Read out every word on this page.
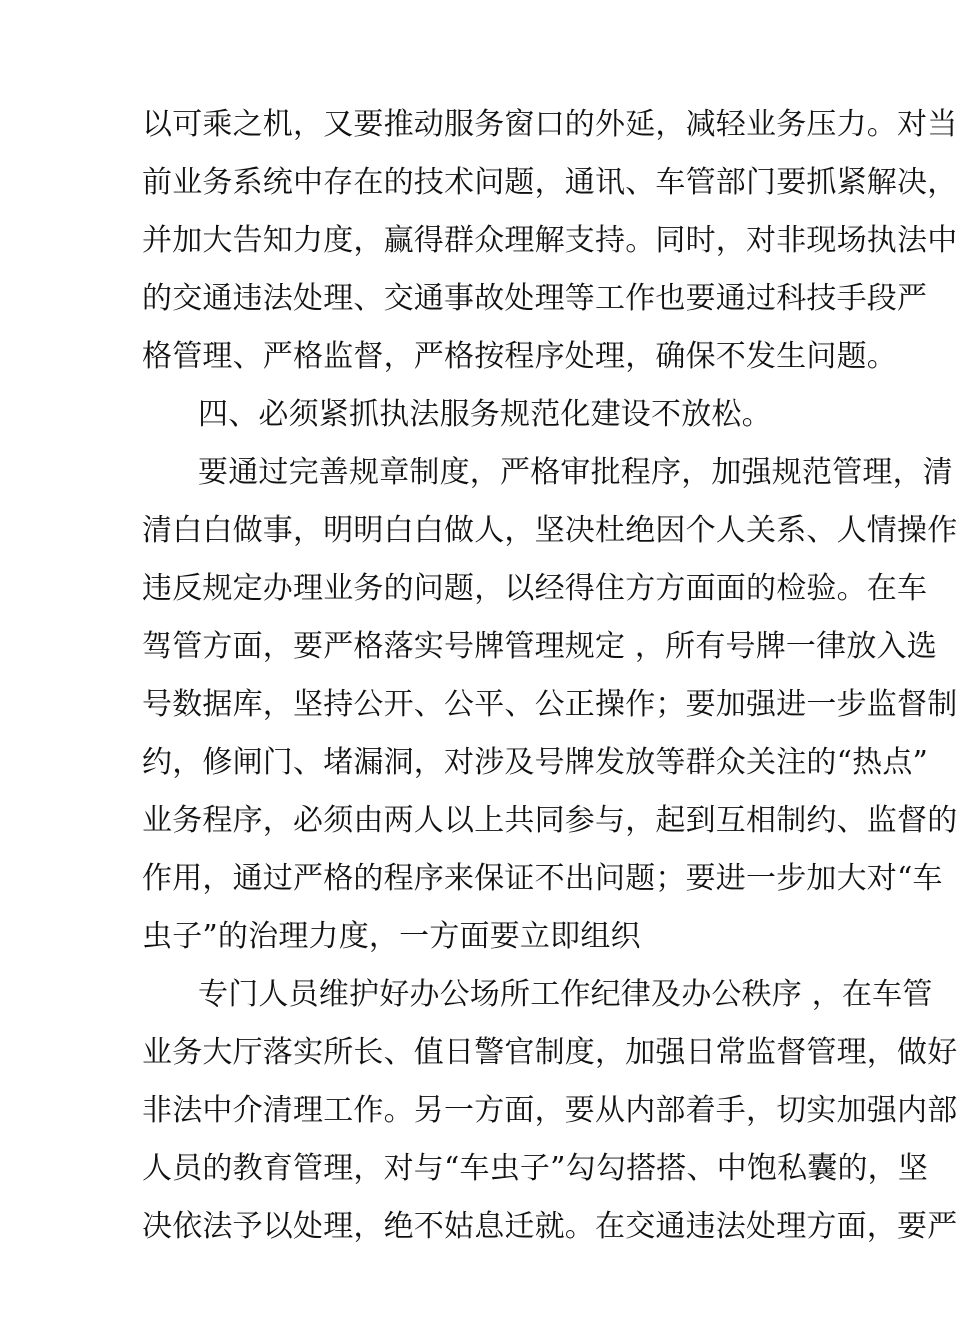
以可乘之机，又要推动服务窗口的外延，减轻业务压力。对当
前业务系统中存在的技术问题，通讯、车管部门要抓紧解决，
并加大告知力度，赢得群众理解支持。同时，对非现场执法中
的交通违法处理、交通事故处理等工作也要通过科技手段严
格管理、严格监督，严格按程序处理，确保不发生问题。
四、必须紧抓执法服务规范化建设不放松。
要通过完善规章制度，严格审批程序，加强规范管理，清
清白白做事，明明白白做人，坚决杜绝因个人关系、人情操作
违反规定办理业务的问题，以经得住方方面面的检验。在车
驾管方面，要严格落实号牌管理规定 ，所有号牌一律放入选
号数据库，坚持公开、公平、公正操作；要加强进一步监督制
约，修闸门、堵漏洞，对涉及号牌发放等群众关注的“热点”
业务程序，必须由两人以上共同参与，起到互相制约、监督的
作用，通过严格的程序来保证不出问题；要进一步加大对“车
虫子”的治理力度，一方面要立即组织
专门人员维护好办公场所工作纪律及办公秩序 ，在车管
业务大厅落实所长、值日警官制度，加强日常监督管理，做好
非法中介清理工作。另一方面，要从内部着手，切实加强内部
人员的教育管理，对与“车虫子”勾勾搭搭、中饱私囊的，坚
决依法予以处理，绝不姑息迁就。在交通违法处理方面，要严
